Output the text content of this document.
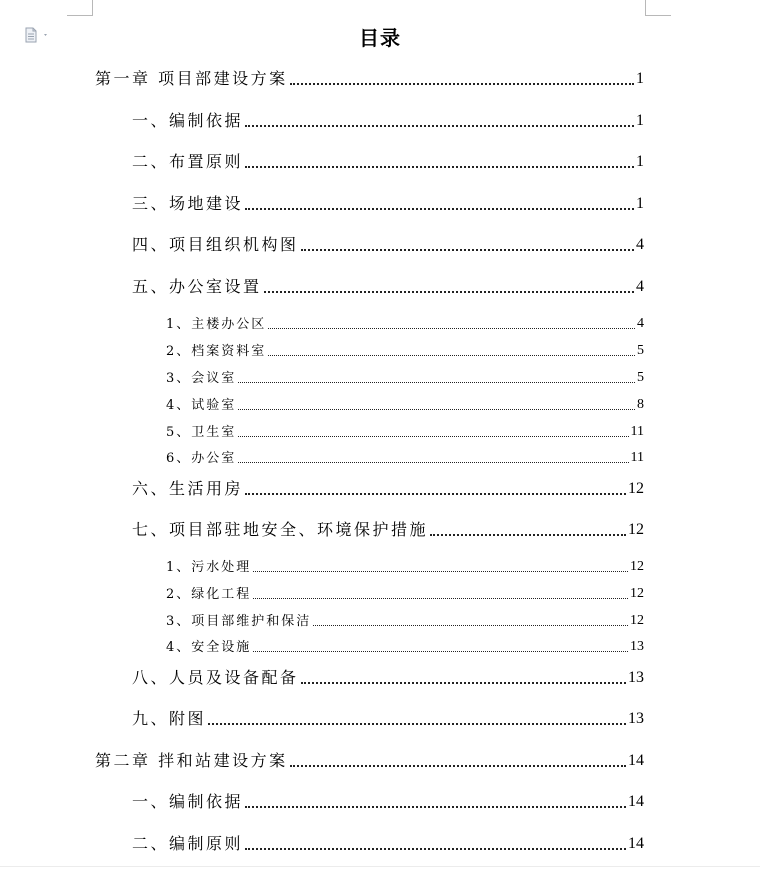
目录
第一章 项目部建设方案	1
一、编制依据	1
二、布置原则	1
三、场地建设	1
四、项目组织机构图	4
五、办公室设置	4
1、主楼办公区	4
2、档案资料室	5
3、会议室	5
4、试验室	8
5、卫生室	11
6、办公室	11
六、生活用房	12
七、项目部驻地安全、环境保护措施	12
1、污水处理	12
2、绿化工程	12
3、项目部维护和保洁	12
4、安全设施	13
八、人员及设备配备	13
九、附图	13
第二章 拌和站建设方案	14
一、编制依据	14
二、编制原则	14
